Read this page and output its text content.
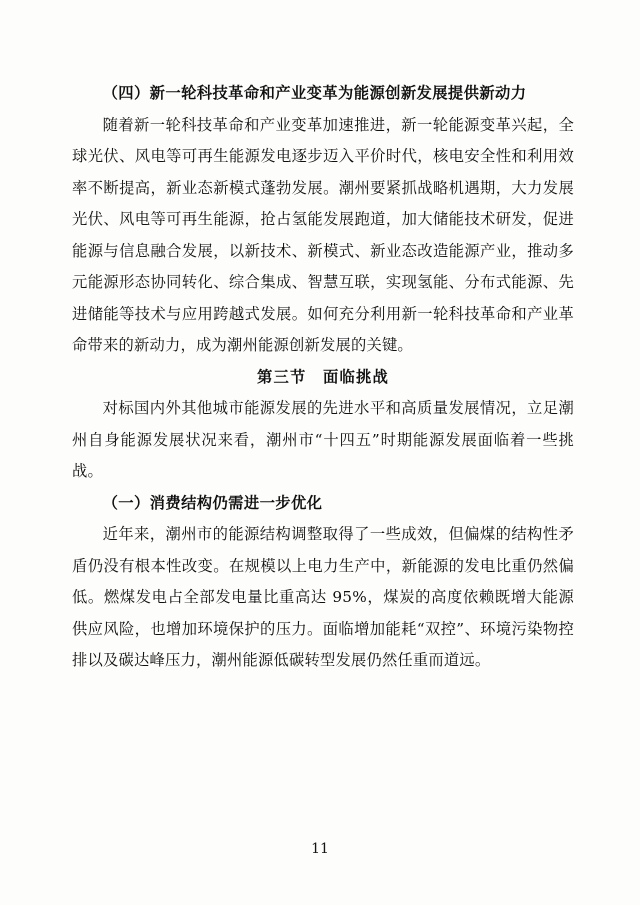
（四）新一轮科技革命和产业变革为能源创新发展提供新动力

随着新一轮科技革命和产业变革加速推进，新一轮能源变革兴起，全球光伏、风电等可再生能源发电逐步迈入平价时代，核电安全性和利用效率不断提高，新业态新模式蓬勃发展。潮州要紧抓战略机遇期，大力发展光伏、风电等可再生能源，抢占氢能发展跑道，加大储能技术研发，促进能源与信息融合发展，以新技术、新模式、新业态改造能源产业，推动多元能源形态协同转化、综合集成、智慧互联，实现氢能、分布式能源、先进储能等技术与应用跨越式发展。如何充分利用新一轮科技革命和产业革命带来的新动力，成为潮州能源创新发展的关键。

第三节　面临挑战

对标国内外其他城市能源发展的先进水平和高质量发展情况，立足潮州自身能源发展状况来看，潮州市“十四五”时期能源发展面临着一些挑战。

（一）消费结构仍需进一步优化

近年来，潮州市的能源结构调整取得了一些成效，但偏煤的结构性矛盾仍没有根本性改变。在规模以上电力生产中，新能源的发电比重仍然偏低。燃煤发电占全部发电量比重高达 95%，煤炭的高度依赖既增大能源供应风险，也增加环境保护的压力。面临增加能耗“双控”、环境污染物控排以及碳达峰压力，潮州能源低碳转型发展仍然任重而道远。

11
